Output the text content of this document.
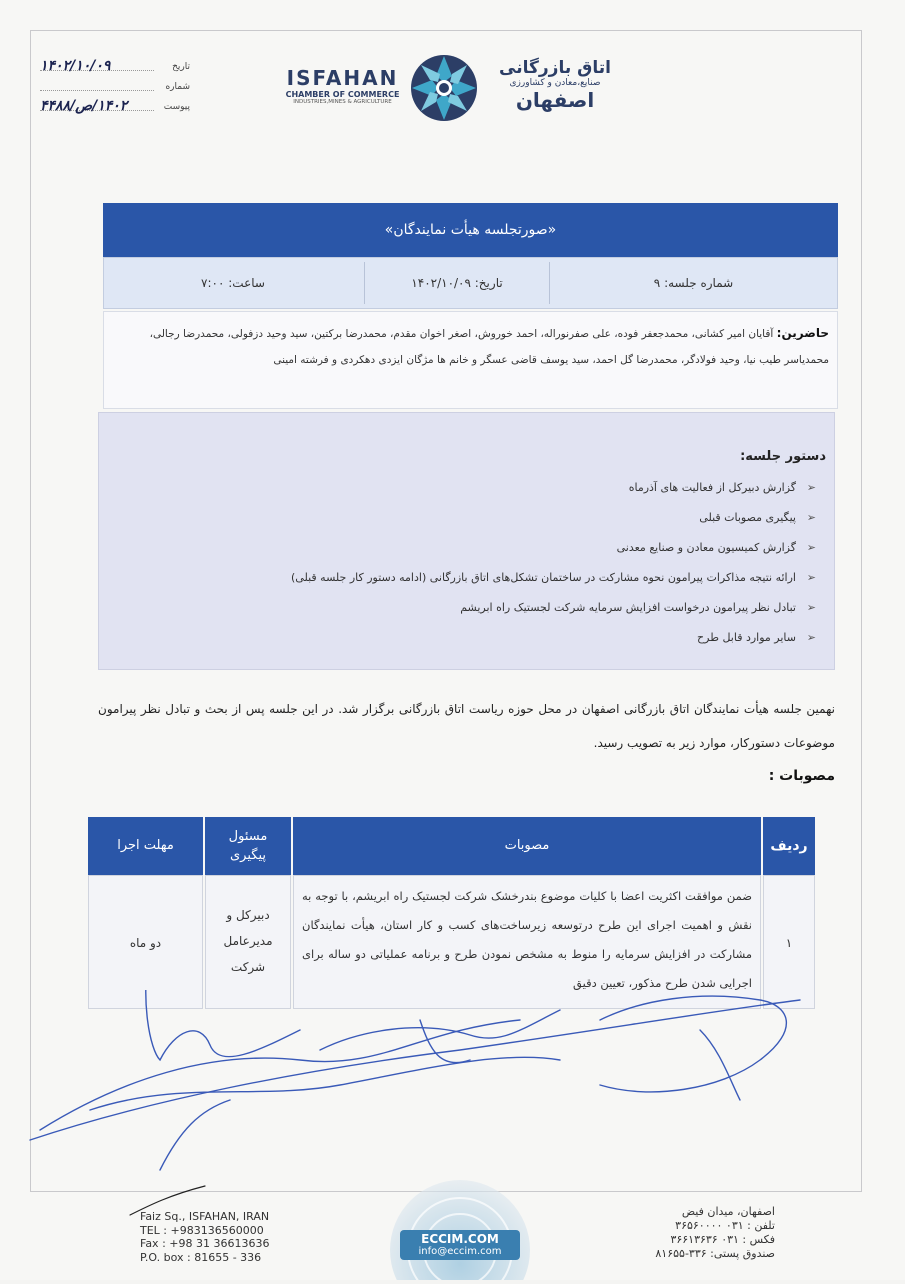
تاریخ
۱۴۰۲/۱۰/۰۹
شماره
پیوست
۱۴۰۲/ص/۴۴۸۸
ISFAHAN
CHAMBER OF COMMERCE
INDUSTRIES,MINES & AGRICULTURE
اتاق بازرگانی
صنایع،معادن و کشاورزی
اصفهان
«صورتجلسه هیأت نمایندگان»
شماره جلسه: ۹
تاریخ: ۱۴۰۲/۱۰/۰۹
ساعت: ۷:۰۰
حاضرین: آقایان امیر کشانی، محمدجعفر فوده، علی صفرنوراله، احمد خوروش، اصغر اخوان مقدم، محمدرضا برکتین، سید وحید دزفولی، محمدرضا رجالی، محمدیاسر طیب نیا، وحید فولادگر، محمدرضا گل احمد، سید یوسف قاضی عسگر و خانم ها مژگان ایزدی دهکردی و فرشته امینی
دستور جلسه:
➢
گزارش دبیرکل از فعالیت های آذرماه
➢
پیگیری مصوبات قبلی
➢
گزارش کمیسیون معادن و صنایع معدنی
➢
ارائه نتیجه مذاکرات پیرامون نحوه مشارکت در ساختمان تشکل‌های اتاق بازرگانی (ادامه دستور کار جلسه قبلی)
➢
تبادل نظر پیرامون درخواست افزایش سرمایه شرکت لجستیک راه ابریشم
➢
سایر موارد قابل طرح
نهمین جلسه هیأت نمایندگان اتاق بازرگانی اصفهان در محل حوزه ریاست اتاق بازرگانی برگزار شد. در این جلسه پس از بحث و تبادل نظر پیرامون موضوعات دستورکار، موارد زیر به تصویب رسید.
مصوبات :
ردیف
مصوبات
مسئول پیگیری
مهلت اجرا
۱
ضمن موافقت اکثریت اعضا با کلیات موضوع بندرخشک شرکت لجستیک راه ابریشم، با توجه به نقش و اهمیت اجرای این طرح درتوسعه زیرساخت‌های کسب و کار استان، هیأت نمایندگان مشارکت در افزایش سرمایه را منوط به مشخص نمودن طرح و برنامه عملیاتی دو ساله برای اجرایی شدن طرح مذکور، تعیین دقیق
دبیرکل و مدیرعامل شرکت
دو ماه
Faiz Sq., ISFAHAN, IRAN
TEL : +983136560000
Fax : +98 31 36613636
P.O. box : 81655 - 336
ECCIM.COM
info@eccim.com
اصفهان، میدان فیض
تلفن : ۰۳۱ ۳۶۵۶۰۰۰۰
فکس : ۰۳۱ ۳۶۶۱۳۶۳۶
صندوق پستی: ۳۳۶-۸۱۶۵۵
